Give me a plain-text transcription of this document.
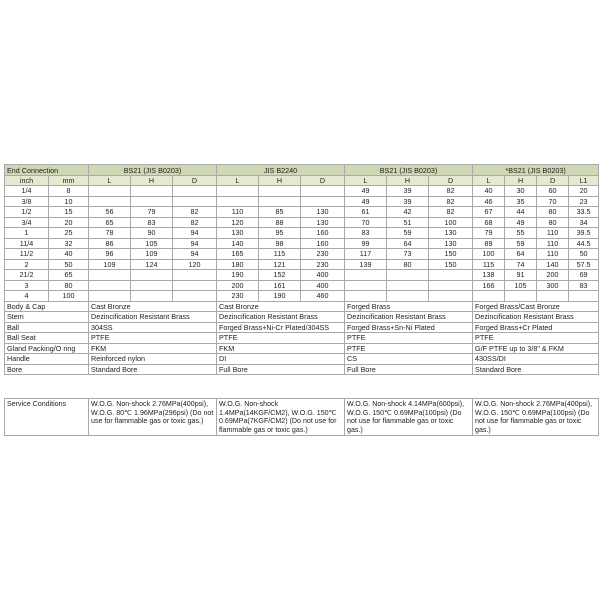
End Connection		BS21 (JIS B0203)			JIS B2240			BS21 (JIS B0203)			*BS21 (JIS B0203)			
inch	mm	L	H	D	L	H	D	L	H	D	L	H	D	L1
1/4	8							49	39	82	40	30	60	20
3/8	10							49	39	82	46	35	70	23
1/2	15	56	79	82	110	85	130	61	42	82	67	44	80	33.5
3/4	20	65	83	82	120	88	130	70	51	100	68	49	80	34
1	25	78	90	94	130	95	160	83	59	130	79	55	110	39.5
11/4	32	86	105	94	140	98	160	99	64	130	89	59	110	44.5
11/2	40	96	109	94	165	115	230	117	73	150	100	64	110	50
2	50	109	124	120	180	121	230	139	80	150	115	74	140	57.5
21/2	65				190	152	400				138	91	200	69
3	80				200	161	400				166	105	300	83
4	100				230	190	460							
Body & Cap		Cast Bronze			Cast Bronze			Forged Brass			Forged Brass/Cast Bronze			
Stem		Dezincification Resistant Brass			Dezincification Resistant Brass			Dezincification Resistant Brass			Dezincification Resistant Brass			
Ball		304SS			Forged Brass+Ni-Cr Plated/304SS			Forged Brass+Sn-Ni Plated			Forged Brass+Cr Plated			
Ball Seat		PTFE			PTFE			PTFE			PTFE			
Gland Packing/O ring		FKM			FKM			PTFE			G/F PTFE up to 3/8" & FKM			
Handle		Reinforced nylon			DI			CS			430SS/DI			
Bore		Standard Bore			Full Bore			Full Bore			Standard Bore			
Service Conditions	W.O.G. Non-shock 2.76MPa(400psi), W.O.G. 80℃ 1.96MPa(296psi) (Do not use for flammable gas or toxic gas.)	W.O.G. Non-shock 1.4MPa(14KGF/CM2), W.O.G. 150℃ 0.69MPa(7KGF/CM2) (Do not use for flammable gas or toxic gas.)	W.O.G. Non-shock 4.14MPa(600psi), W.O.G. 150℃ 0.69MPa(100psi) (Do not use for flammable gas or toxic gas.)	W.O.G. Non-shock 2.76MPa(400psi), W.O.G. 150℃ 0.69MPa(100psi) (Do not use for flammable gas or toxic gas.)
